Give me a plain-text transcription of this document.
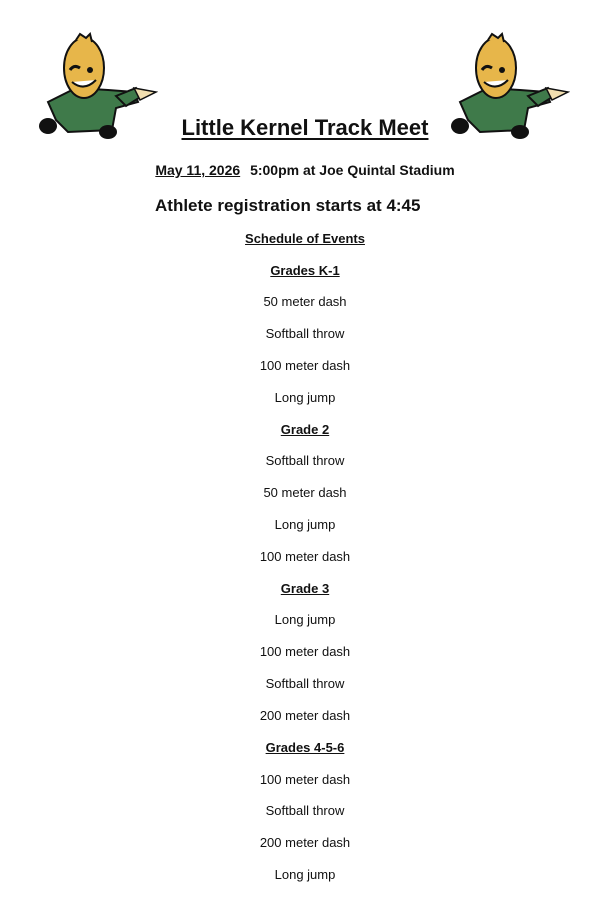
Little Kernel Track Meet
May 11, 2026 5:00pm at Joe Quintal Stadium
Athlete registration starts at 4:45
Schedule of Events
Grades K-1
50 meter dash
Softball throw
100 meter dash
Long jump
Grade 2
Softball throw
50 meter dash
Long jump
100 meter dash
Grade 3
Long jump
100 meter dash
Softball throw
200 meter dash
Grades 4-5-6
100 meter dash
Softball throw
200 meter dash
Long jump
